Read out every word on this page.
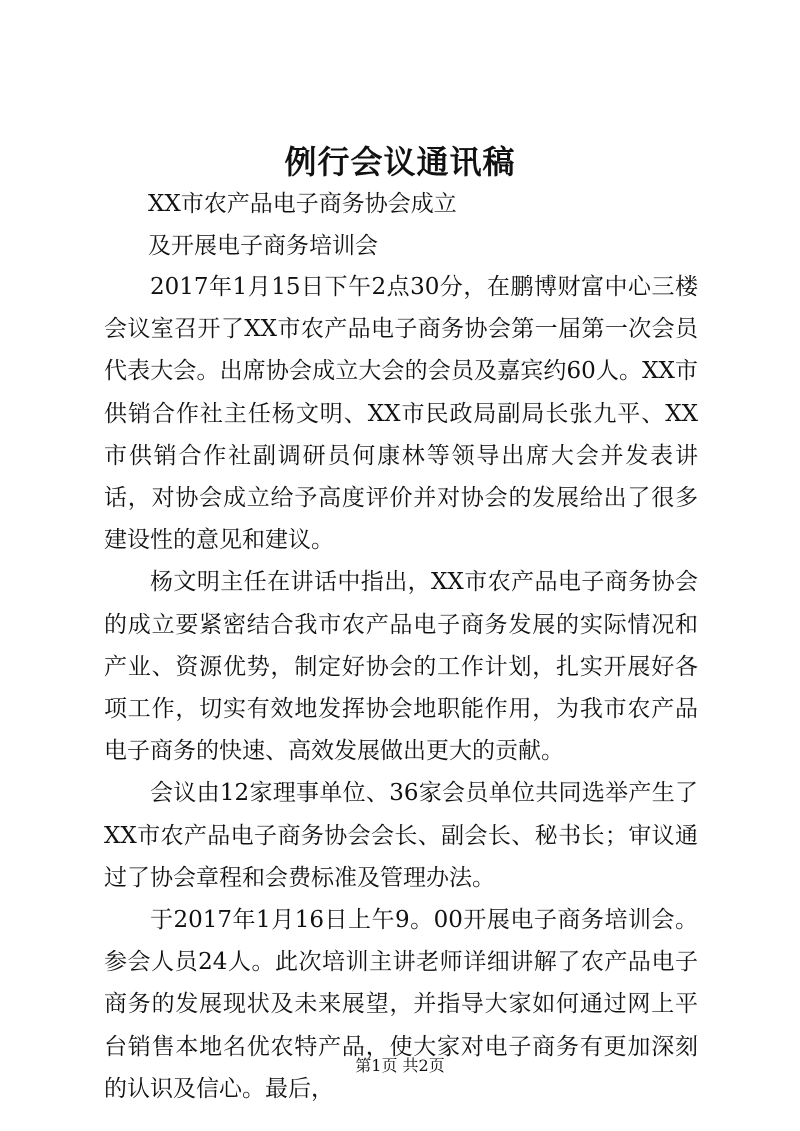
例行会议通讯稿
XX市农产品电子商务协会成立
及开展电子商务培训会

2017年1月15日下午2点30分，在鹏博财富中心三楼会议室召开了XX市农产品电子商务协会第一届第一次会员代表大会。出席协会成立大会的会员及嘉宾约60人。XX市供销合作社主任杨文明、XX市民政局副局长张九平、XX市供销合作社副调研员何康林等领导出席大会并发表讲话，对协会成立给予高度评价并对协会的发展给出了很多建设性的意见和建议。

杨文明主任在讲话中指出，XX市农产品电子商务协会的成立要紧密结合我市农产品电子商务发展的实际情况和产业、资源优势，制定好协会的工作计划，扎实开展好各项工作，切实有效地发挥协会地职能作用，为我市农产品电子商务的快速、高效发展做出更大的贡献。

会议由12家理事单位、36家会员单位共同选举产生了XX市农产品电子商务协会会长、副会长、秘书长；审议通过了协会章程和会费标准及管理办法。

于2017年1月16日上午9。00开展电子商务培训会。参会人员24人。此次培训主讲老师详细讲解了农产品电子商务的发展现状及未来展望，并指导大家如何通过网上平台销售本地名优农特产品，使大家对电子商务有更加深刻的认识及信心。最后，

第1页 共2页
